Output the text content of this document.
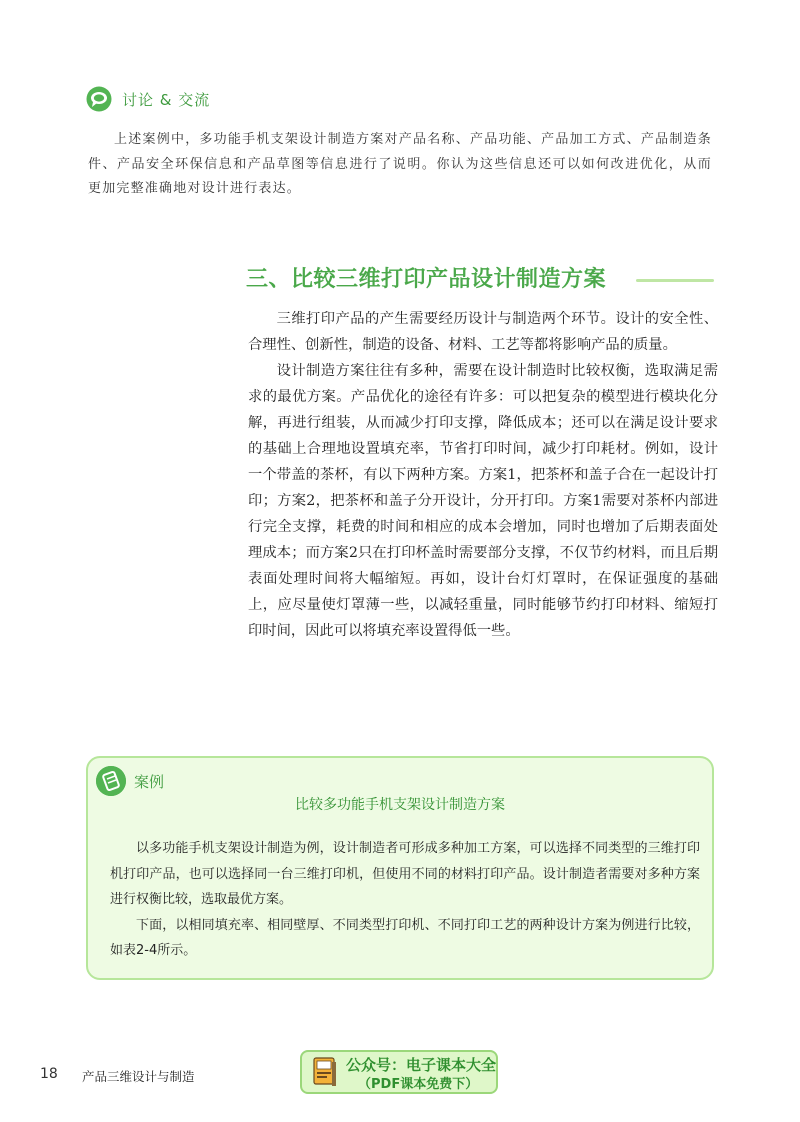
讨论 & 交流
上述案例中，多功能手机支架设计制造方案对产品名称、产品功能、产品加工方式、产品制造条件、产品安全环保信息和产品草图等信息进行了说明。你认为这些信息还可以如何改进优化，从而更加完整准确地对设计进行表达。
三、比较三维打印产品设计制造方案

三维打印产品的产生需要经历设计与制造两个环节。设计的安全性、合理性、创新性，制造的设备、材料、工艺等都将影响产品的质量。

设计制造方案往往有多种，需要在设计制造时比较权衡，选取满足需求的最优方案。产品优化的途径有许多：可以把复杂的模型进行模块化分解，再进行组装，从而减少打印支撑，降低成本；还可以在满足设计要求的基础上合理地设置填充率，节省打印时间，减少打印耗材。例如，设计一个带盖的茶杯，有以下两种方案。方案1，把茶杯和盖子合在一起设计打印；方案2，把茶杯和盖子分开设计，分开打印。方案1需要对茶杯内部进行完全支撑，耗费的时间和相应的成本会增加，同时也增加了后期表面处理成本；而方案2只在打印杯盖时需要部分支撑，不仅节约材料，而且后期表面处理时间将大幅缩短。再如，设计台灯灯罩时，在保证强度的基础上，应尽量使灯罩薄一些，以减轻重量，同时能够节约打印材料、缩短打印时间，因此可以将填充率设置得低一些。

案例
比较多功能手机支架设计制造方案

以多功能手机支架设计制造为例，设计制造者可形成多种加工方案，可以选择不同类型的三维打印机打印产品，也可以选择同一台三维打印机，但使用不同的材料打印产品。设计制造者需要对多种方案进行权衡比较，选取最优方案。

下面，以相同填充率、相同壁厚、不同类型打印机、不同打印工艺的两种设计方案为例进行比较，如表2-4所示。

18 产品三维设计与制造
公众号：电子课本大全
（PDF课本免费下）
